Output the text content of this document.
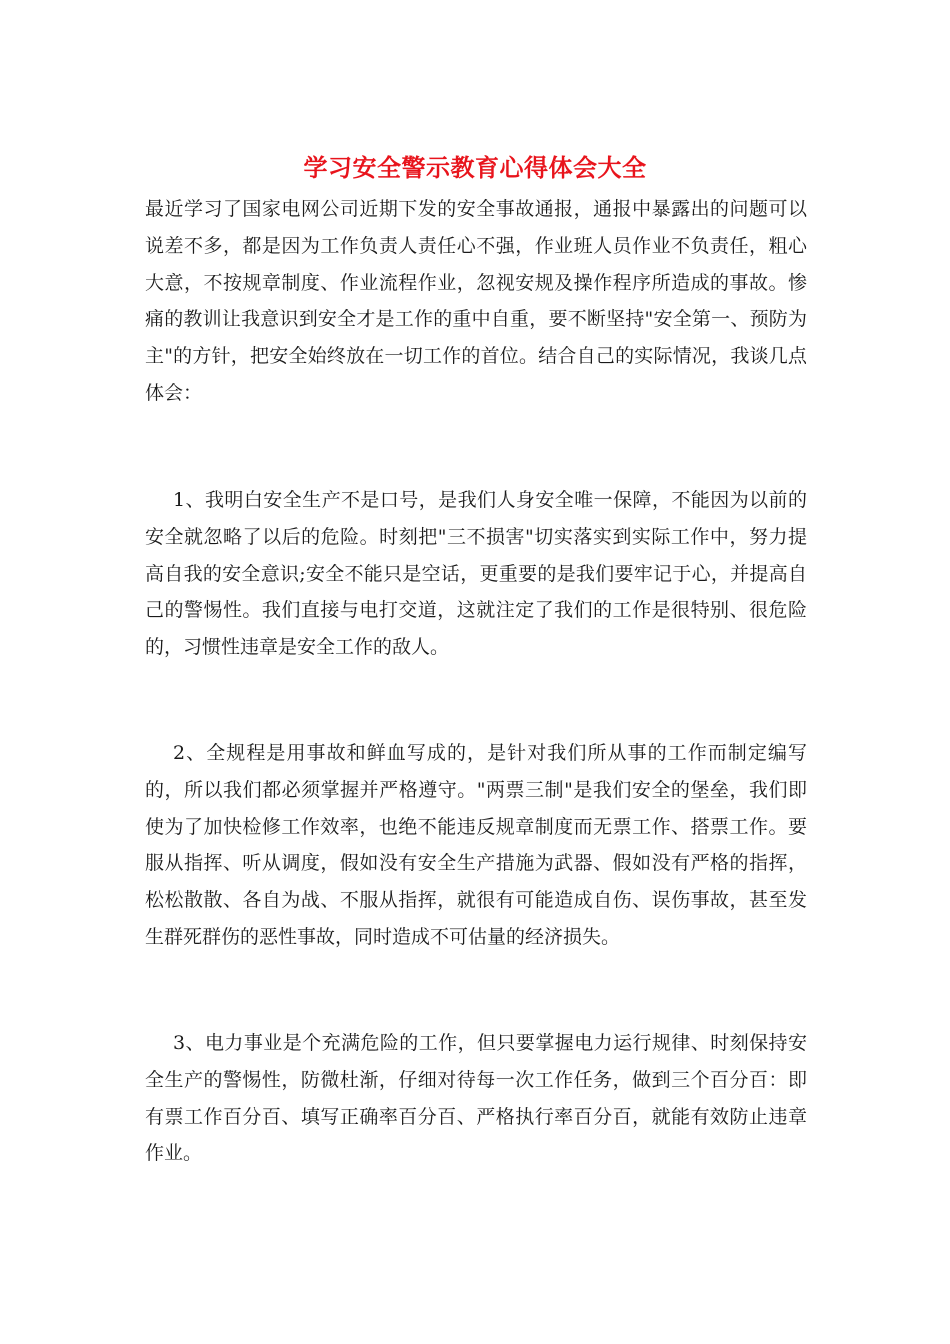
学习安全警示教育心得体会大全

最近学习了国家电网公司近期下发的安全事故通报，通报中暴露出的问题可以说差不多，都是因为工作负责人责任心不强，作业班人员作业不负责任，粗心大意，不按规章制度、作业流程作业，忽视安规及操作程序所造成的事故。惨痛的教训让我意识到安全才是工作的重中自重，要不断坚持"安全第一、预防为主"的方针，把安全始终放在一切工作的首位。结合自己的实际情况，我谈几点体会：

1、我明白安全生产不是口号，是我们人身安全唯一保障，不能因为以前的安全就忽略了以后的危险。时刻把"三不损害"切实落实到实际工作中，努力提高自我的安全意识;安全不能只是空话，更重要的是我们要牢记于心，并提高自己的警惕性。我们直接与电打交道，这就注定了我们的工作是很特别、很危险的，习惯性违章是安全工作的敌人。

2、全规程是用事故和鲜血写成的，是针对我们所从事的工作而制定编写的，所以我们都必须掌握并严格遵守。"两票三制"是我们安全的堡垒，我们即使为了加快检修工作效率，也绝不能违反规章制度而无票工作、搭票工作。要服从指挥、听从调度，假如没有安全生产措施为武器、假如没有严格的指挥，松松散散、各自为战、不服从指挥，就很有可能造成自伤、误伤事故，甚至发生群死群伤的恶性事故，同时造成不可估量的经济损失。

3、电力事业是个充满危险的工作，但只要掌握电力运行规律、时刻保持安全生产的警惕性，防微杜渐，仔细对待每一次工作任务，做到三个百分百：即有票工作百分百、填写正确率百分百、严格执行率百分百，就能有效防止违章作业。
